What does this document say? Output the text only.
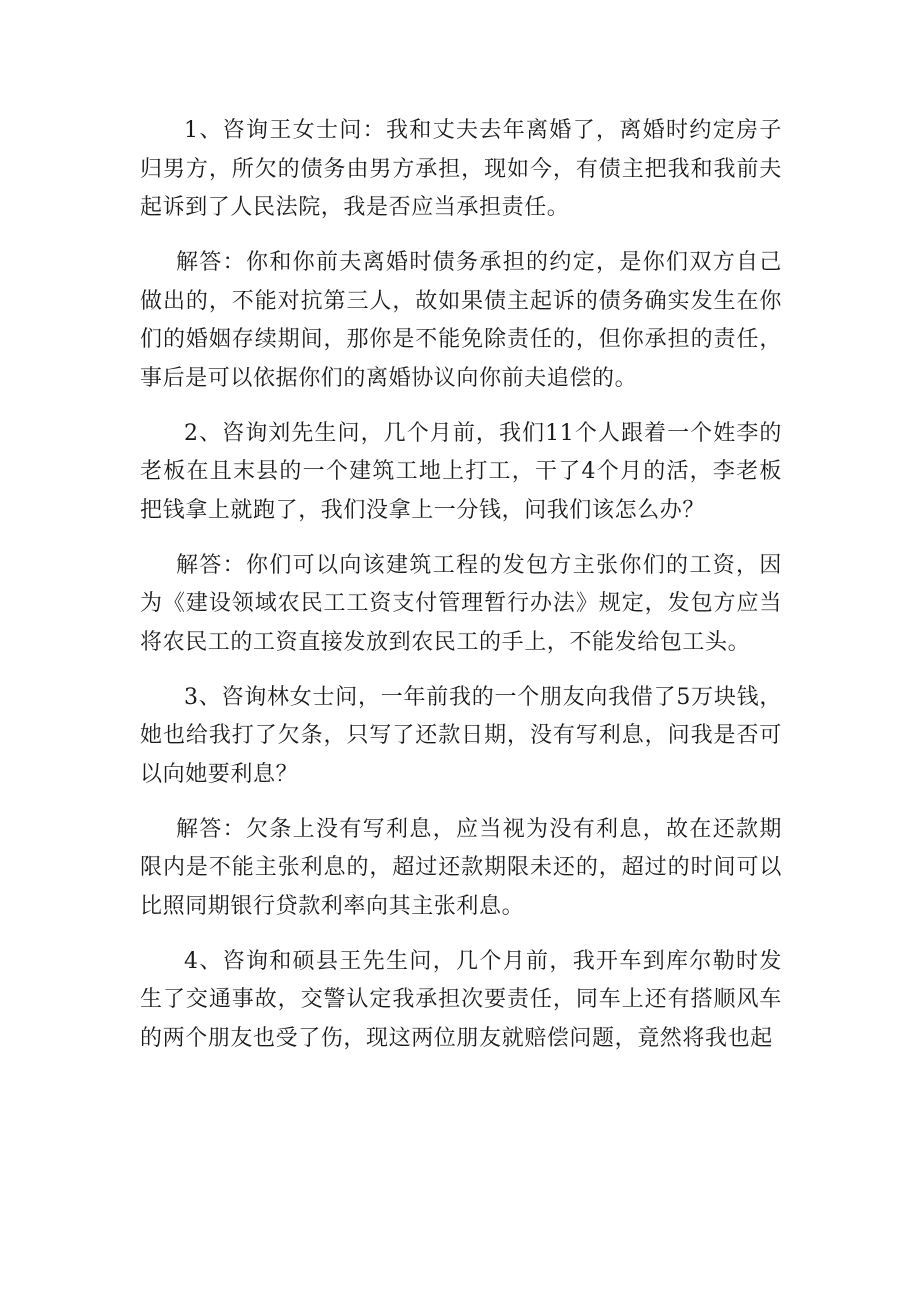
1、咨询王女士问：我和丈夫去年离婚了，离婚时约定房子归男方，所欠的债务由男方承担，现如今，有债主把我和我前夫起诉到了人民法院，我是否应当承担责任。

解答：你和你前夫离婚时债务承担的约定，是你们双方自己做出的，不能对抗第三人，故如果债主起诉的债务确实发生在你们的婚姻存续期间，那你是不能免除责任的，但你承担的责任，事后是可以依据你们的离婚协议向你前夫追偿的。

2、咨询刘先生问，几个月前，我们11个人跟着一个姓李的老板在且末县的一个建筑工地上打工，干了4个月的活，李老板把钱拿上就跑了，我们没拿上一分钱，问我们该怎么办？

解答：你们可以向该建筑工程的发包方主张你们的工资，因为《建设领域农民工工资支付管理暂行办法》规定，发包方应当将农民工的工资直接发放到农民工的手上，不能发给包工头。

3、咨询林女士问，一年前我的一个朋友向我借了5万块钱，她也给我打了欠条，只写了还款日期，没有写利息，问我是否可以向她要利息？

解答：欠条上没有写利息，应当视为没有利息，故在还款期限内是不能主张利息的，超过还款期限未还的，超过的时间可以比照同期银行贷款利率向其主张利息。

4、咨询和硕县王先生问，几个月前，我开车到库尔勒时发生了交通事故，交警认定我承担次要责任，同车上还有搭顺风车的两个朋友也受了伤，现这两位朋友就赔偿问题，竟然将我也起
